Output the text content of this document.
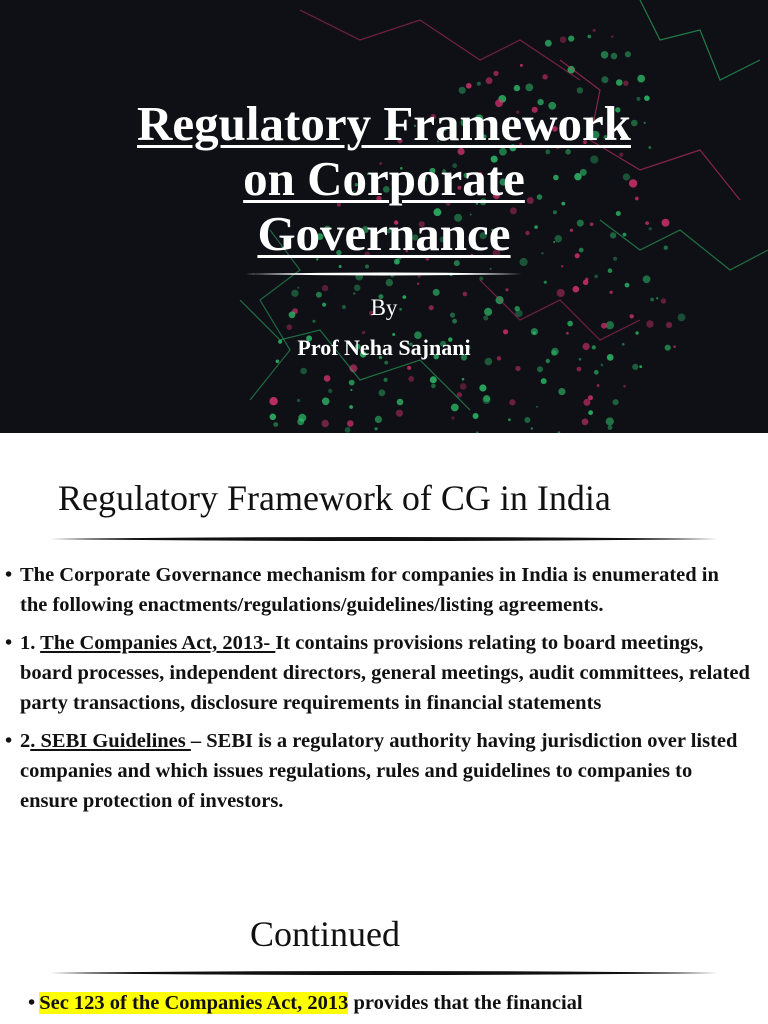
Regulatory Framework
on Corporate
Governance
By
Prof Neha Sajnani
Regulatory Framework of CG in India
• The Corporate Governance mechanism for companies in India is enumerated in the following enactments/regulations/guidelines/listing agreements.
• 1. The Companies Act, 2013- It contains provisions relating to board meetings, board processes, independent directors, general meetings, audit committees, related party transactions, disclosure requirements in financial statements
• 2. SEBI Guidelines – SEBI is a regulatory authority having jurisdiction over listed companies and which issues regulations, rules and guidelines to companies to ensure protection of investors.
Continued
• Sec 123 of the Companies Act, 2013 provides that the financial
